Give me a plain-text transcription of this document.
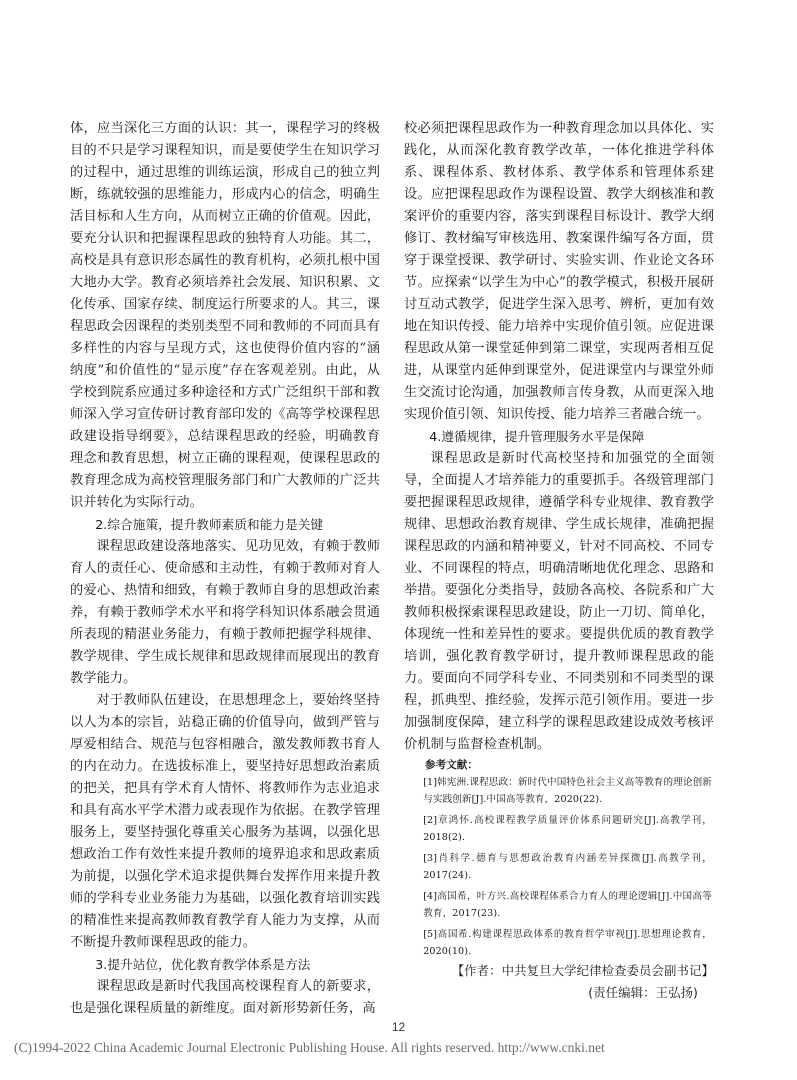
体，应当深化三方面的认识：其一，课程学习的终极目的不只是学习课程知识，而是要使学生在知识学习的过程中，通过思维的训练运演，形成自己的独立判断，练就较强的思维能力，形成内心的信念，明确生活目标和人生方向，从而树立正确的价值观。因此，要充分认识和把握课程思政的独特育人功能。其二，高校是具有意识形态属性的教育机构，必须扎根中国大地办大学。教育必须培养社会发展、知识积累、文化传承、国家存续、制度运行所要求的人。其三，课程思政会因课程的类别类型不同和教师的不同而具有多样性的内容与呈现方式，这也使得价值内容的“涵纳度”和价值性的“显示度”存在客观差别。由此，从学校到院系应通过多种途径和方式广泛组织干部和教师深入学习宣传研讨教育部印发的《高等学校课程思政建设指导纲要》，总结课程思政的经验，明确教育理念和教育思想，树立正确的课程观，使课程思政的教育理念成为高校管理服务部门和广大教师的广泛共识并转化为实际行动。

2.综合施策，提升教师素质和能力是关键

课程思政建设落地落实、见功见效，有赖于教师育人的责任心、使命感和主动性，有赖于教师对育人的爱心、热情和细致，有赖于教师自身的思想政治素养，有赖于教师学术水平和将学科知识体系融会贯通所表现的精湛业务能力，有赖于教师把握学科规律、教学规律、学生成长规律和思政规律而展现出的教育教学能力。

对于教师队伍建设，在思想理念上，要始终坚持以人为本的宗旨，站稳正确的价值导向，做到严管与厚爱相结合、规范与包容相融合，激发教师教书育人的内在动力。在选拔标准上，要坚持好思想政治素质的把关，把具有学术育人情怀、将教师作为志业追求和具有高水平学术潜力或表现作为依据。在教学管理服务上，要坚持强化尊重关心服务为基调，以强化思想政治工作有效性来提升教师的境界追求和思政素质为前提，以强化学术追求提供舞台发挥作用来提升教师的学科专业业务能力为基础，以强化教育培训实践的精准性来提高教师教育教学育人能力为支撑，从而不断提升教师课程思政的能力。

3.提升站位，优化教育教学体系是方法

课程思政是新时代我国高校课程育人的新要求，也是强化课程质量的新维度。面对新形势新任务，高

校必须把课程思政作为一种教育理念加以具体化、实践化，从而深化教育教学改革，一体化推进学科体系、课程体系、教材体系、教学体系和管理体系建设。应把课程思政作为课程设置、教学大纲核准和教案评价的重要内容，落实到课程目标设计、教学大纲修订、教材编写审核选用、教案课件编写各方面，贯穿于课堂授课、教学研讨、实验实训、作业论文各环节。应探索“以学生为中心”的教学模式，积极开展研讨互动式教学，促进学生深入思考、辨析，更加有效地在知识传授、能力培养中实现价值引领。应促进课程思政从第一课堂延伸到第二课堂，实现两者相互促进，从课堂内延伸到课堂外，促进课堂内与课堂外师生交流讨论沟通，加强教师言传身教，从而更深入地实现价值引领、知识传授、能力培养三者融合统一。

4.遵循规律，提升管理服务水平是保障

课程思政是新时代高校坚持和加强党的全面领导，全面提人才培养能力的重要抓手。各级管理部门要把握课程思政规律，遵循学科专业规律、教育教学规律、思想政治教育规律、学生成长规律，准确把握课程思政的内涵和精神要义，针对不同高校、不同专业、不同课程的特点，明确清晰地优化理念、思路和举措。要强化分类指导，鼓励各高校、各院系和广大教师积极探索课程思政建设，防止一刀切、简单化，体现统一性和差异性的要求。要提供优质的教育教学培训，强化教育教学研讨，提升教师课程思政的能力。要面向不同学科专业、不同类别和不同类型的课程，抓典型、推经验，发挥示范引领作用。要进一步加强制度保障，建立科学的课程思政建设成效考核评价机制与监督检查机制。

参考文献：

[1]韩宪洲.课程思政：新时代中国特色社会主义高等教育的理论创新与实践创新[J].中国高等教育，2020(22).

[2]章鸿怀.高校课程教学质量评价体系问题研究[J].高教学刊，2018(2).

[3]肖科学.德育与思想政治教育内涵差异探微[J].高教学刊，2017(24).

[4]高国希，叶方兴.高校课程体系合力育人的理论逻辑[J].中国高等教育，2017(23).

[5]高国希.构建课程思政体系的教育哲学审视[J].思想理论教育，2020(10).

【作者：中共复旦大学纪律检查委员会副书记】

(责任编辑：王弘扬)

12
(C)1994-2022 China Academic Journal Electronic Publishing House. All rights reserved. http://www.cnki.net
